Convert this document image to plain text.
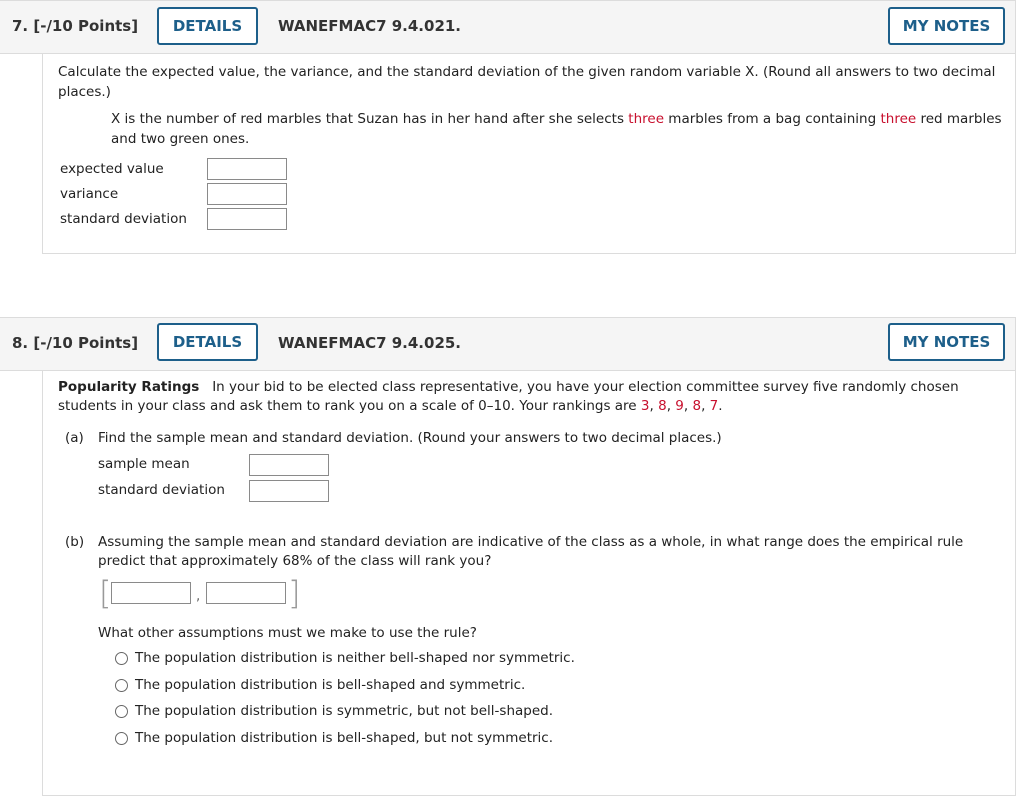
7. [-/10 Points]	DETAILS	WANEFMAC7 9.4.021.	MY NOTES
Calculate the expected value, the variance, and the standard deviation of the given random variable X. (Round all answers to two decimal
places.)
X is the number of red marbles that Suzan has in her hand after she selects three marbles from a bag containing three red marbles
and two green ones.
expected value
variance
standard deviation
8. [-/10 Points]	DETAILS	WANEFMAC7 9.4.025.	MY NOTES
Popularity Ratings In your bid to be elected class representative, you have your election committee survey five randomly chosen
students in your class and ask them to rank you on a scale of 0–10. Your rankings are 3, 8, 9, 8, 7.
(a) Find the sample mean and standard deviation. (Round your answers to two decimal places.)
sample mean
standard deviation
(b) Assuming the sample mean and standard deviation are indicative of the class as a whole, in what range does the empirical rule
predict that approximately 68% of the class will rank you?
[	,	]
What other assumptions must we make to use the rule?
The population distribution is neither bell-shaped nor symmetric.
The population distribution is bell-shaped and symmetric.
The population distribution is symmetric, but not bell-shaped.
The population distribution is bell-shaped, but not symmetric.
